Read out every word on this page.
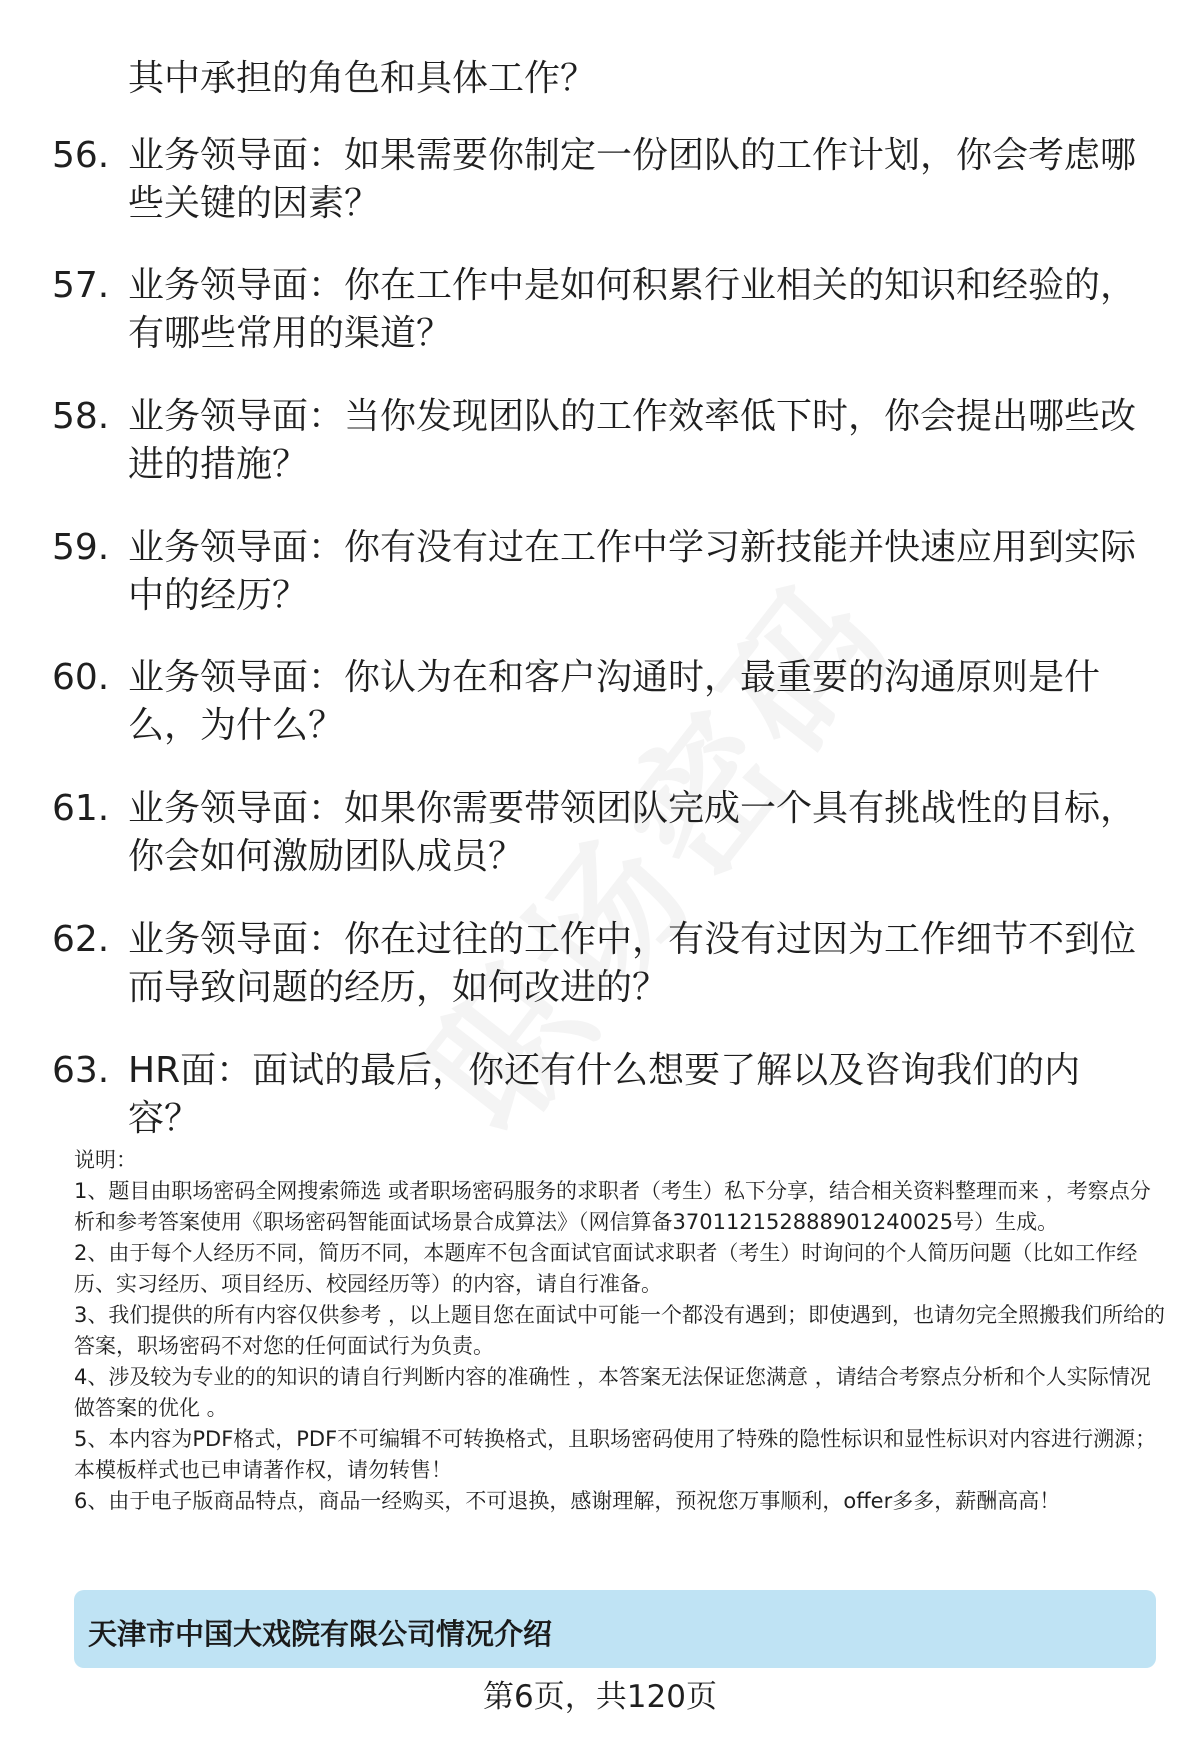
其中承担的角色和具体工作？
56. 业务领导面：如果需要你制定一份团队的工作计划，你会考虑哪些关键的因素？
57. 业务领导面：你在工作中是如何积累行业相关的知识和经验的，有哪些常用的渠道？
58. 业务领导面：当你发现团队的工作效率低下时，你会提出哪些改进的措施？
59. 业务领导面：你有没有过在工作中学习新技能并快速应用到实际中的经历？
60. 业务领导面：你认为在和客户沟通时，最重要的沟通原则是什么，为什么？
61. 业务领导面：如果你需要带领团队完成一个具有挑战性的目标，你会如何激励团队成员？
62. 业务领导面：你在过往的工作中，有没有过因为工作细节不到位而导致问题的经历，如何改进的？
63. HR面：面试的最后，你还有什么想要了解以及咨询我们的内容？

说明：

1、题目由职场密码全网搜索筛选 或者职场密码服务的求职者（考生）私下分享，结合相关资料整理而来 ，考察点分析和参考答案使用《职场密码智能面试场景合成算法》（网信算备370112152888901240025号）生成。

2、由于每个人经历不同，简历不同，本题库不包含面试官面试求职者（考生）时询问的个人简历问题（比如工作经历、实习经历、项目经历、校园经历等）的内容，请自行准备。

3、我们提供的所有内容仅供参考 ，以上题目您在面试中可能一个都没有遇到；即使遇到，也请勿完全照搬我们所给的答案，职场密码不对您的任何面试行为负责。

4、涉及较为专业的的知识的请自行判断内容的准确性 ，本答案无法保证您满意 ，请结合考察点分析和个人实际情况做答案的优化 。

5、本内容为PDF格式，PDF不可编辑不可转换格式，且职场密码使用了特殊的隐性标识和显性标识对内容进行溯源；本模板样式也已申请著作权，请勿转售！

6、由于电子版商品特点，商品一经购买，不可退换，感谢理解，预祝您万事顺利，offer多多，薪酬高高！

天津市中国大戏院有限公司情况介绍
第6页，共120页
